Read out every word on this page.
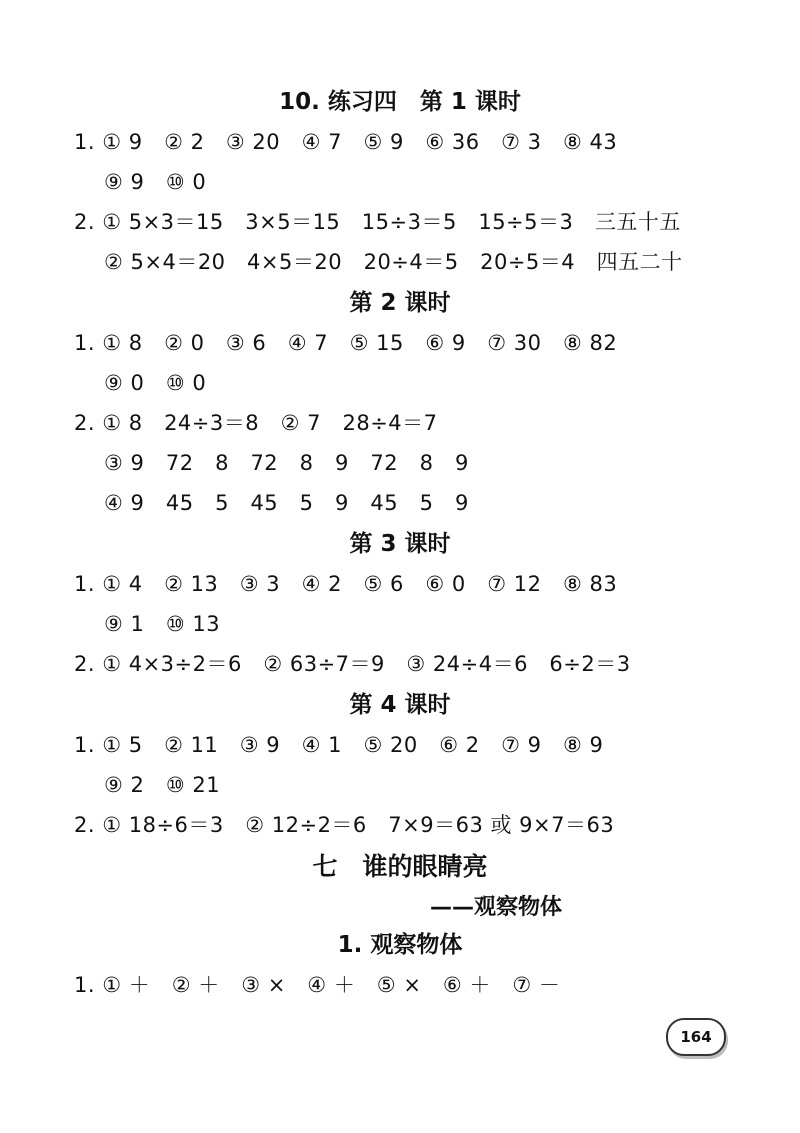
10. 练习四　第 1 课时
1. ① 9　② 2　③ 20　④ 7　⑤ 9　⑥ 36　⑦ 3　⑧ 43
⑨ 9　⑩ 0
2. ① 5×3＝15　3×5＝15　15÷3＝5　15÷5＝3　三五十五
② 5×4＝20　4×5＝20　20÷4＝5　20÷5＝4　四五二十
第 2 课时
1. ① 8　② 0　③ 6　④ 7　⑤ 15　⑥ 9　⑦ 30　⑧ 82
⑨ 0　⑩ 0
2. ① 8　24÷3＝8　② 7　28÷4＝7
③ 9　72　8　72　8　9　72　8　9
④ 9　45　5　45　5　9　45　5　9
第 3 课时
1. ① 4　② 13　③ 3　④ 2　⑤ 6　⑥ 0　⑦ 12　⑧ 83
⑨ 1　⑩ 13
2. ① 4×3÷2＝6　② 63÷7＝9　③ 24÷4＝6　6÷2＝3
第 4 课时
1. ① 5　② 11　③ 9　④ 1　⑤ 20　⑥ 2　⑦ 9　⑧ 9
⑨ 2　⑩ 21
2. ① 18÷6＝3　② 12÷2＝6　7×9＝63 或 9×7＝63
七　谁的眼睛亮
——观察物体
1. 观察物体
1. ① ＋　② ＋　③ ×　④ ＋　⑤ ×　⑥ ＋　⑦ －
164
